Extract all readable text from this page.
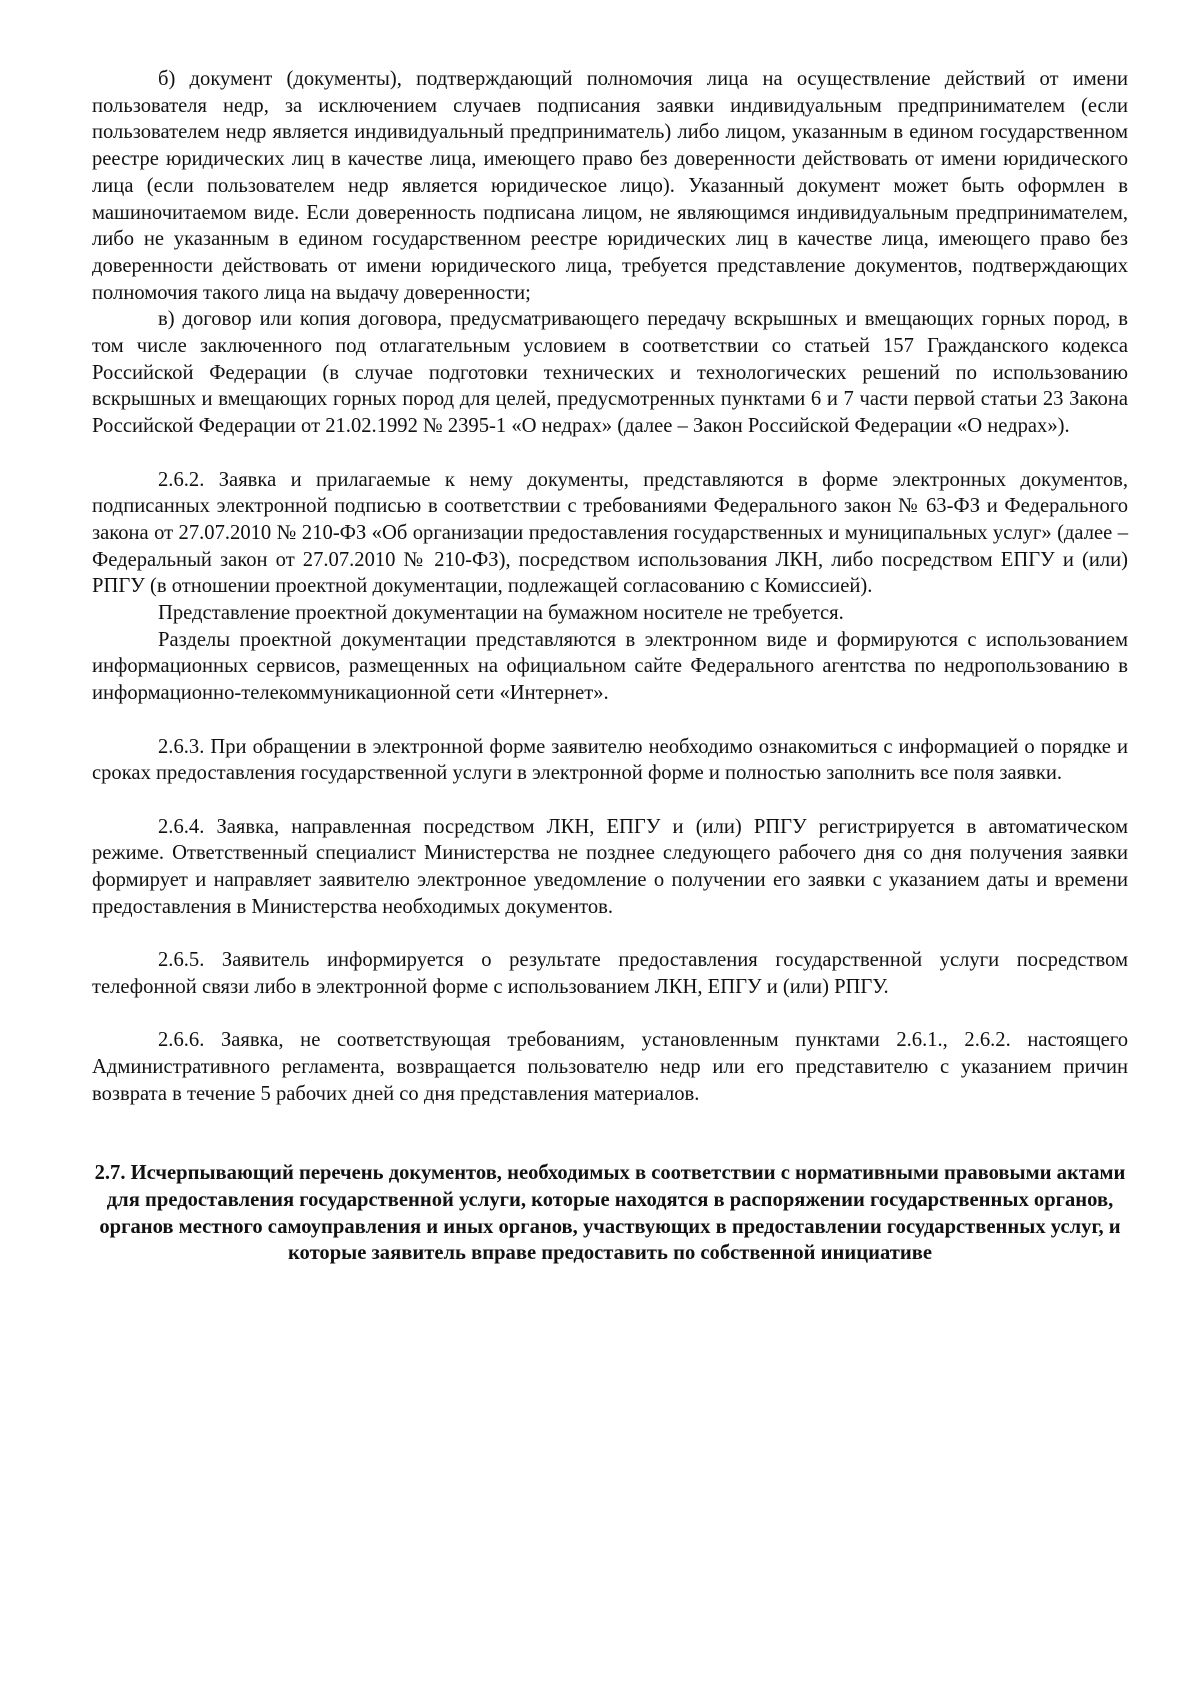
б) документ (документы), подтверждающий полномочия лица на осуществление действий от имени пользователя недр, за исключением случаев подписания заявки индивидуальным предпринимателем (если пользователем недр является индивидуальный предприниматель) либо лицом, указанным в едином государственном реестре юридических лиц в качестве лица, имеющего право без доверенности действовать от имени юридического лица (если пользователем недр является юридическое лицо). Указанный документ может быть оформлен в машиночитаемом виде. Если доверенность подписана лицом, не являющимся индивидуальным предпринимателем, либо не указанным в едином государственном реестре юридических лиц в качестве лица, имеющего право без доверенности действовать от имени юридического лица, требуется представление документов, подтверждающих полномочия такого лица на выдачу доверенности;

в) договор или копия договора, предусматривающего передачу вскрышных и вмещающих горных пород, в том числе заключенного под отлагательным условием в соответствии со статьей 157 Гражданского кодекса Российской Федерации (в случае подготовки технических и технологических решений по использованию вскрышных и вмещающих горных пород для целей, предусмотренных пунктами 6 и 7 части первой статьи 23 Закона Российской Федерации от 21.02.1992 № 2395-1 «О недрах» (далее – Закон Российской Федерации «О недрах»).

2.6.2. Заявка и прилагаемые к нему документы, представляются в форме электронных документов, подписанных электронной подписью в соответствии с требованиями Федерального закон № 63-ФЗ и Федерального закона от 27.07.2010 № 210-ФЗ «Об организации предоставления государственных и муниципальных услуг» (далее – Федеральный закон от 27.07.2010 № 210-ФЗ), посредством использования ЛКН, либо посредством ЕПГУ и (или) РПГУ (в отношении проектной документации, подлежащей согласованию с Комиссией).

Представление проектной документации на бумажном носителе не требуется.

Разделы проектной документации представляются в электронном виде и формируются с использованием информационных сервисов, размещенных на официальном сайте Федерального агентства по недропользованию в информационно-телекоммуникационной сети «Интернет».

2.6.3. При обращении в электронной форме заявителю необходимо ознакомиться с информацией о порядке и сроках предоставления государственной услуги в электронной форме и полностью заполнить все поля заявки.

2.6.4. Заявка, направленная посредством ЛКН, ЕПГУ и (или) РПГУ регистрируется в автоматическом режиме. Ответственный специалист Министерства не позднее следующего рабочего дня со дня получения заявки формирует и направляет заявителю электронное уведомление о получении его заявки с указанием даты и времени предоставления в Министерства необходимых документов.

2.6.5. Заявитель информируется о результате предоставления государственной услуги посредством телефонной связи либо в электронной форме с использованием ЛКН, ЕПГУ и (или) РПГУ.

2.6.6. Заявка, не соответствующая требованиям, установленным пунктами 2.6.1., 2.6.2. настоящего Административного регламента, возвращается пользователю недр или его представителю с указанием причин возврата в течение 5 рабочих дней со дня представления материалов.

2.7. Исчерпывающий перечень документов, необходимых в соответствии с нормативными правовыми актами для предоставления государственной услуги, которые находятся в распоряжении государственных органов, органов местного самоуправления и иных органов, участвующих в предоставлении государственных услуг, и которые заявитель вправе предоставить по собственной инициативе
